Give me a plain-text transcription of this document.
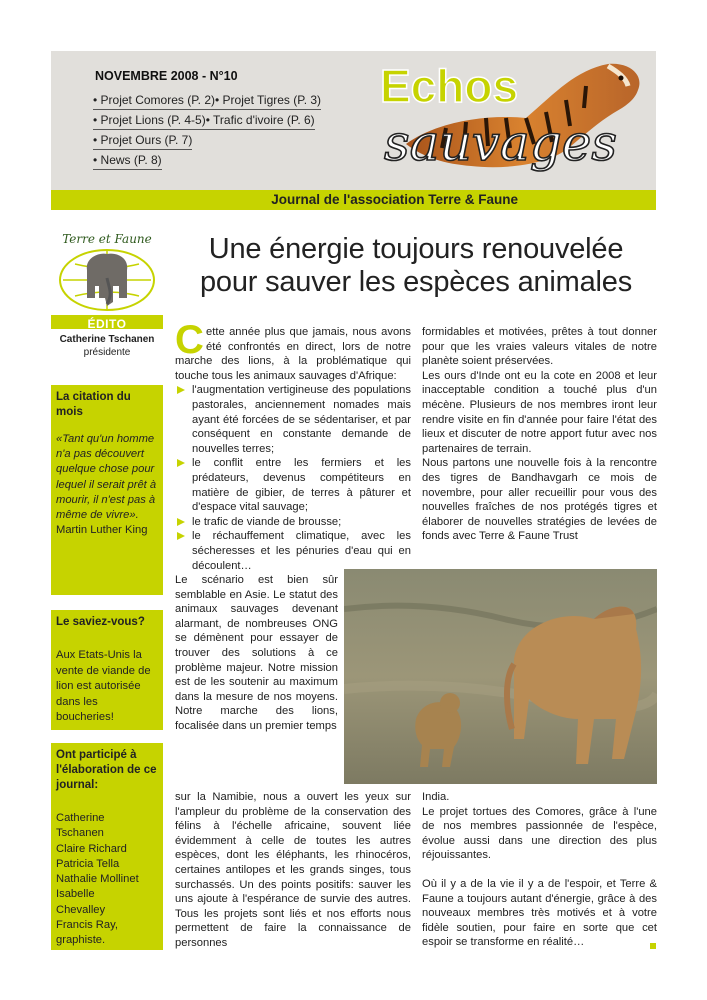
NOVEMBRE 2008 - N°10
• Projet Comores (P. 2)• Projet Tigres (P. 3)
• Projet Lions (P. 4-5)• Trafic d'ivoire (P. 6)
• Projet Ours (P. 7)
• News (P. 8)
Echos
sauvages
Journal de l'association Terre & Faune
Terre et Faune
ÉDITO
Catherine Tschanen
présidente
La citation du mois
«Tant qu'un homme n'a pas découvert quelque chose pour lequel il serait prêt à mourir, il n'est pas à même de vivre».
Martin Luther King
Le saviez-vous?
Aux Etats-Unis la vente de viande de lion est autorisée dans les boucheries!
Ont participé à l'élaboration de ce journal:
Catherine
Tschanen
Claire Richard
Patricia Tella
Nathalie Mollinet
Isabelle
Chevalley
Francis Ray,
graphiste.
Une énergie toujours renouvelée
pour sauver les espèces animales

Cette année plus que jamais, nous avons été confrontés en direct, lors de notre marche des lions, à la problématique qui touche tous les animaux sauvages d'Afrique:

l'augmentation vertigineuse des populations pastorales, anciennement nomades mais ayant été forcées de se sédentariser, et par conséquent en constante demande de nouvelles terres;

le conflit entre les fermiers et les prédateurs, devenus compétiteurs en matière de gibier, de terres à pâturer et d'espace vital sauvage;

le trafic de viande de brousse;

le réchauffement climatique, avec les sécheresses et les pénuries d'eau qui en découlent…

Le scénario est bien sûr semblable en Asie. Le statut des animaux sauvages devenant alarmant, de nombreuses ONG se démènent pour essayer de trouver des solutions à ce problème majeur. Notre mission est de les soutenir au maximum dans la mesure de nos moyens. Notre marche des lions, focalisée dans un premier temps

formidables et motivées, prêtes à tout donner pour que les vraies valeurs vitales de notre planète soient préservées.

Les ours d'Inde ont eu la cote en 2008 et leur inacceptable condition a touché plus d'un mécène. Plusieurs de nos membres iront leur rendre visite en fin d'année pour faire l'état des lieux et discuter de notre apport futur avec nos partenaires de terrain.

Nous partons une nouvelle fois à la rencontre des tigres de Bandhavgarh ce mois de novembre, pour aller recueillir pour vous des nouvelles fraîches de nos protégés tigres et élaborer de nouvelles stratégies de levées de fonds avec Terre & Faune Trust

sur la Namibie, nous a ouvert les yeux sur l'ampleur du problème de la conservation des félins à l'échelle africaine, souvent liée évidemment à celle de toutes les autres espèces, dont les éléphants, les rhinocéros, certaines antilopes et les grands singes, tous surchassés. Un des points positifs: sauver les uns ajoute à l'espérance de survie des autres. Tous les projets sont liés et nos efforts nous permettent de faire la connaissance de personnes

India.

Le projet tortues des Comores, grâce à l'une de nos membres passionnée de l'espèce, évolue aussi dans une direction des plus réjouissantes.

Où il y a de la vie il y a de l'espoir, et Terre & Faune a toujours autant d'énergie, grâce à des nouveaux membres très motivés et à votre fidèle soutien, pour faire en sorte que cet espoir se transforme en réalité…
